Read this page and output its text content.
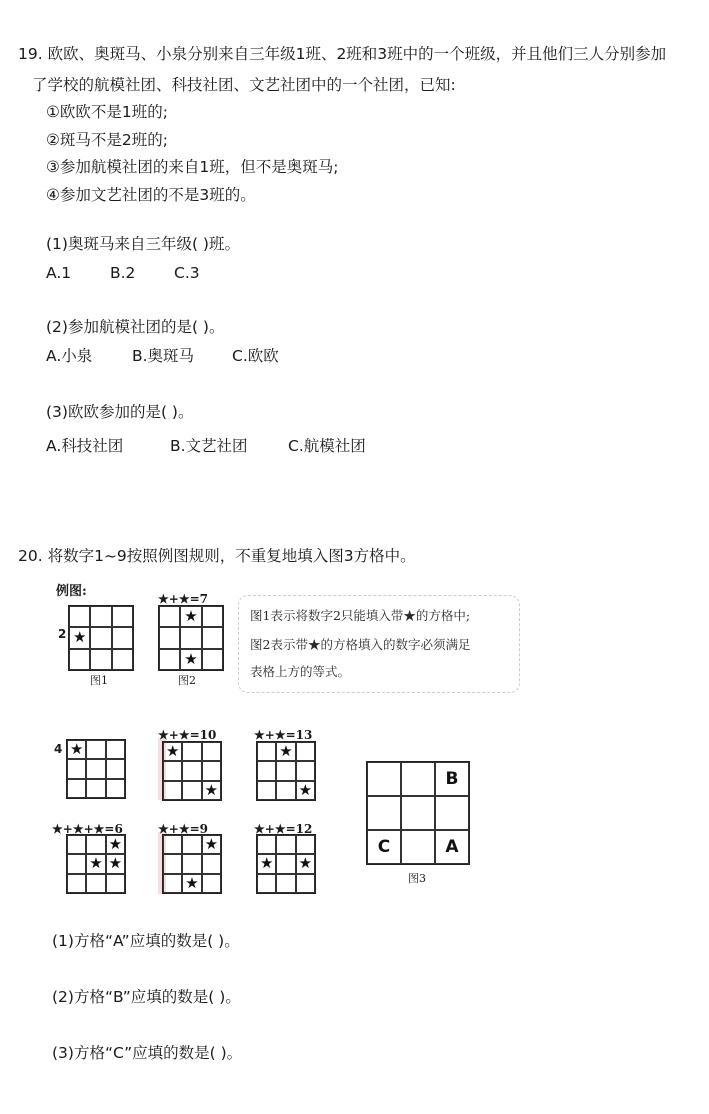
19. 欧欧、奥斑马、小泉分别来自三年级1班、2班和3班中的一个班级，并且他们三人分别参加
了学校的航模社团、科技社团、文艺社团中的一个社团，已知:
①欧欧不是1班的;
②斑马不是2班的;
③参加航模社团的来自1班，但不是奥斑马;
④参加文艺社团的不是3班的。
(1)奥斑马来自三年级( )班。
A.1	B.2 C.3
(2)参加航模社团的是( )。
A.小泉	B.奥斑马 C.欧欧
(3)欧欧参加的是( )。
A.科技社团	B.文艺社团	C.航模社团
20. 将数字1~9按照例图规则，不重复地填入图3方格中。
例图:
2 ★
图1
★+★=7
★
★
图2
图1表示将数字2只能填入带★的方格中;
图2表示带★的方格填入的数字必须满足
表格上方的等式。
4 ★
★+★=10
★
★
★+★=13
★
★
★+★+★=6
★
★ ★
★+★=9
★
★
★+★=12
★ ★
B
C	A
图3
(1)方格“A”应填的数是( )。
(2)方格“B”应填的数是( )。
(3)方格“C”应填的数是( )。
